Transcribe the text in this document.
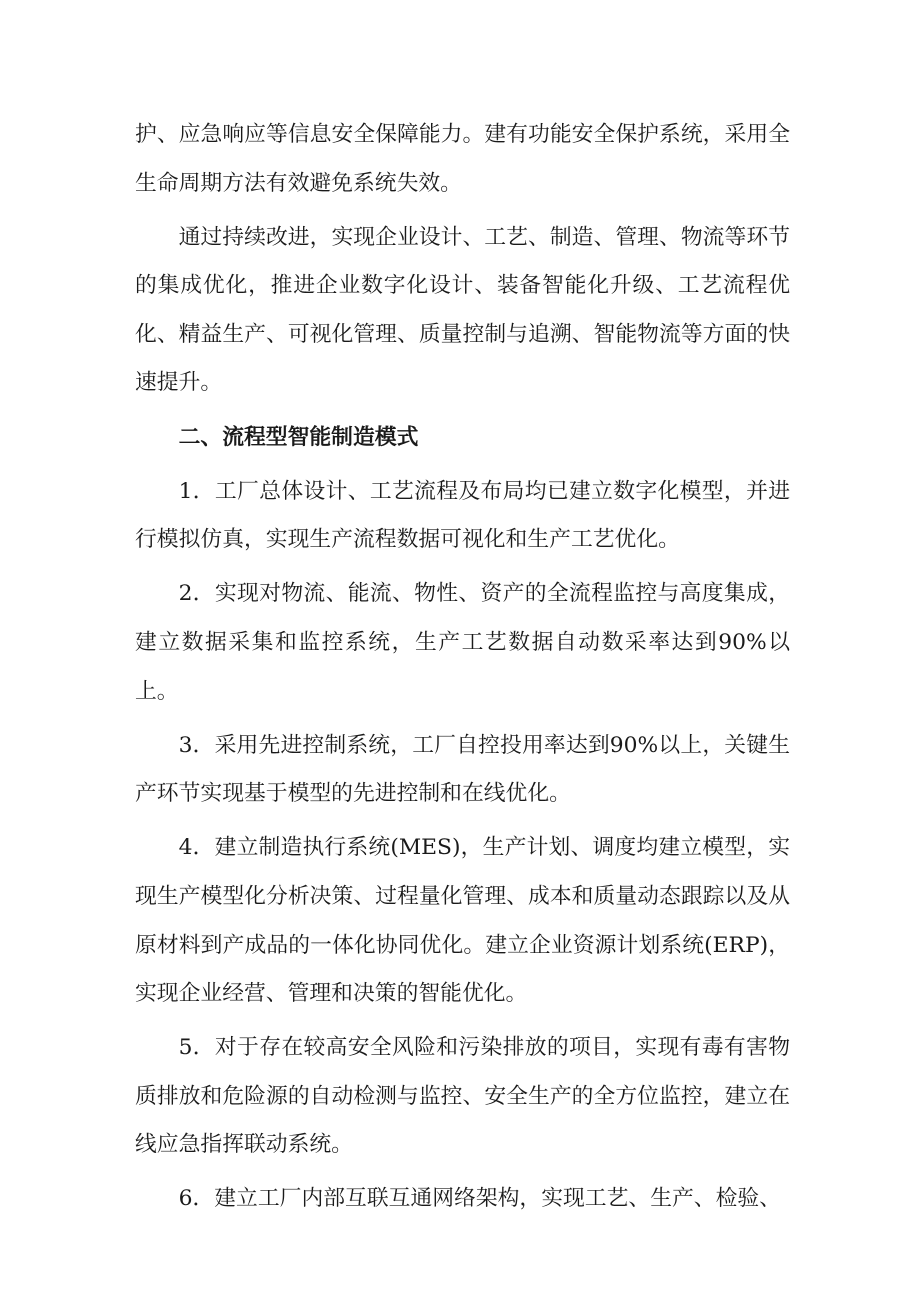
护、应急响应等信息安全保障能力。建有功能安全保护系统，采用全生命周期方法有效避免系统失效。

通过持续改进，实现企业设计、工艺、制造、管理、物流等环节的集成优化，推进企业数字化设计、装备智能化升级、工艺流程优化、精益生产、可视化管理、质量控制与追溯、智能物流等方面的快速提升。

二、流程型智能制造模式

1．工厂总体设计、工艺流程及布局均已建立数字化模型，并进行模拟仿真，实现生产流程数据可视化和生产工艺优化。

2．实现对物流、能流、物性、资产的全流程监控与高度集成，建立数据采集和监控系统，生产工艺数据自动数采率达到90%以上。

3．采用先进控制系统，工厂自控投用率达到90%以上，关键生产环节实现基于模型的先进控制和在线优化。

4．建立制造执行系统(MES)，生产计划、调度均建立模型，实现生产模型化分析决策、过程量化管理、成本和质量动态跟踪以及从原材料到产成品的一体化协同优化。建立企业资源计划系统(ERP)，实现企业经营、管理和决策的智能优化。

5．对于存在较高安全风险和污染排放的项目，实现有毒有害物质排放和危险源的自动检测与监控、安全生产的全方位监控，建立在线应急指挥联动系统。

6．建立工厂内部互联互通网络架构，实现工艺、生产、检验、
